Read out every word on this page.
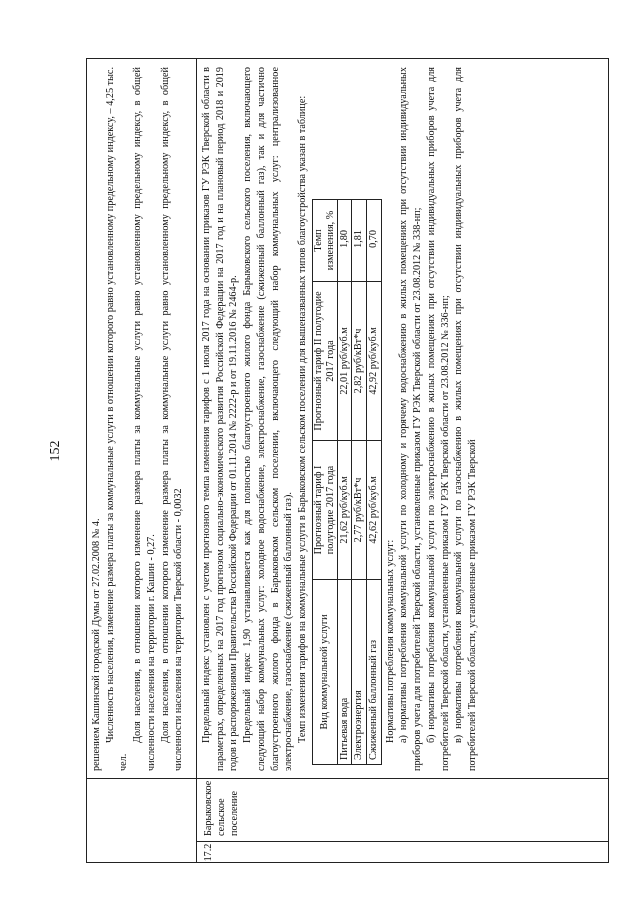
152

решением Кашинской городской Думы от 27.02.2008 № 4. Численность населения, изменение размера платы за коммунальные услуги в отношении которого равно установленному предельному индексу, – 4,25 тыс. чел.

Доля населения, в отношении которого изменение размера платы за коммунальные услуги равно установленному предельному индексу, в общей численности населения на территории г. Кашин - 0,27. Доля населения, в отношении которого изменение размера платы за коммунальные услуги равно установленному предельному индексу, в общей численности населения на территории Тверской области - 0,0032

17.2
Барыковское сельское поселение

Предельный индекс установлен с учетом прогнозного темпа изменения тарифов с 1 июля 2017 года на основании приказов ГУ РЭК Тверской области в параметрах, определенных на 2017 год прогнозом социально-экономического развития Российской Федерации на 2017 год и на плановый период 2018 и 2019 годов и распоряжениями Правительства Российской Федерации от 01.11.2014 № 2222-р и от 19.11.2016 № 2464-р. Предельный индекс 1,90 устанавливается как для полностью благоустроенного жилого фонда Барыковского сельского поселения, включающего следующий набор коммунальных услуг: холодное водоснабжение, электроснабжение, газоснабжение (сжиженный баллонный газ), так и для частично благоустроенного жилого фонда в Барыковском сельском поселении, включающего следующий набор коммунальных услуг: централизованное электроснабжение, газоснабжение (сжиженный баллонный газ). Темп изменения тарифов на коммунальные услуги в Барыковском сельском поселении для вышеназванных типов благоустройства указан в таблице: Вид коммунальной услуги	Прогнозный тариф I полугодие 2017 года	Прогнозный тариф II полугодие 2017 года	Темп изменения, %
Питьевая вода	21,62 руб/куб.м	22,01 руб/куб.м	1,80
Электроэнергия	2,77 руб/кВт*ч	2,82 руб/кВт*ч	1,81
Сжиженный баллонный газ	42,62 руб/куб.м	42,92 руб/куб.м	0,70

Нормативы потребления коммунальных услуг: а) нормативы потребления коммунальной услуги по холодному и горячему водоснабжению в жилых помещениях при отсутствии индивидуальных приборов учета для потребителей Тверской области, установленные приказом ГУ РЭК Тверской области от 23.08.2012 № 338-нп; б) нормативы потребления коммунальной услуги по электроснабжению в жилых помещениях при отсутствии индивидуальных приборов учета для потребителей Тверской области, установленные приказом ГУ РЭК Тверской области от 23.08.2012 № 336-нп; в) нормативы потребления коммунальной услуги по газоснабжению в жилых помещениях при отсутствии индивидуальных приборов учета для потребителей Тверской области, установленные приказом ГУ РЭК Тверской
